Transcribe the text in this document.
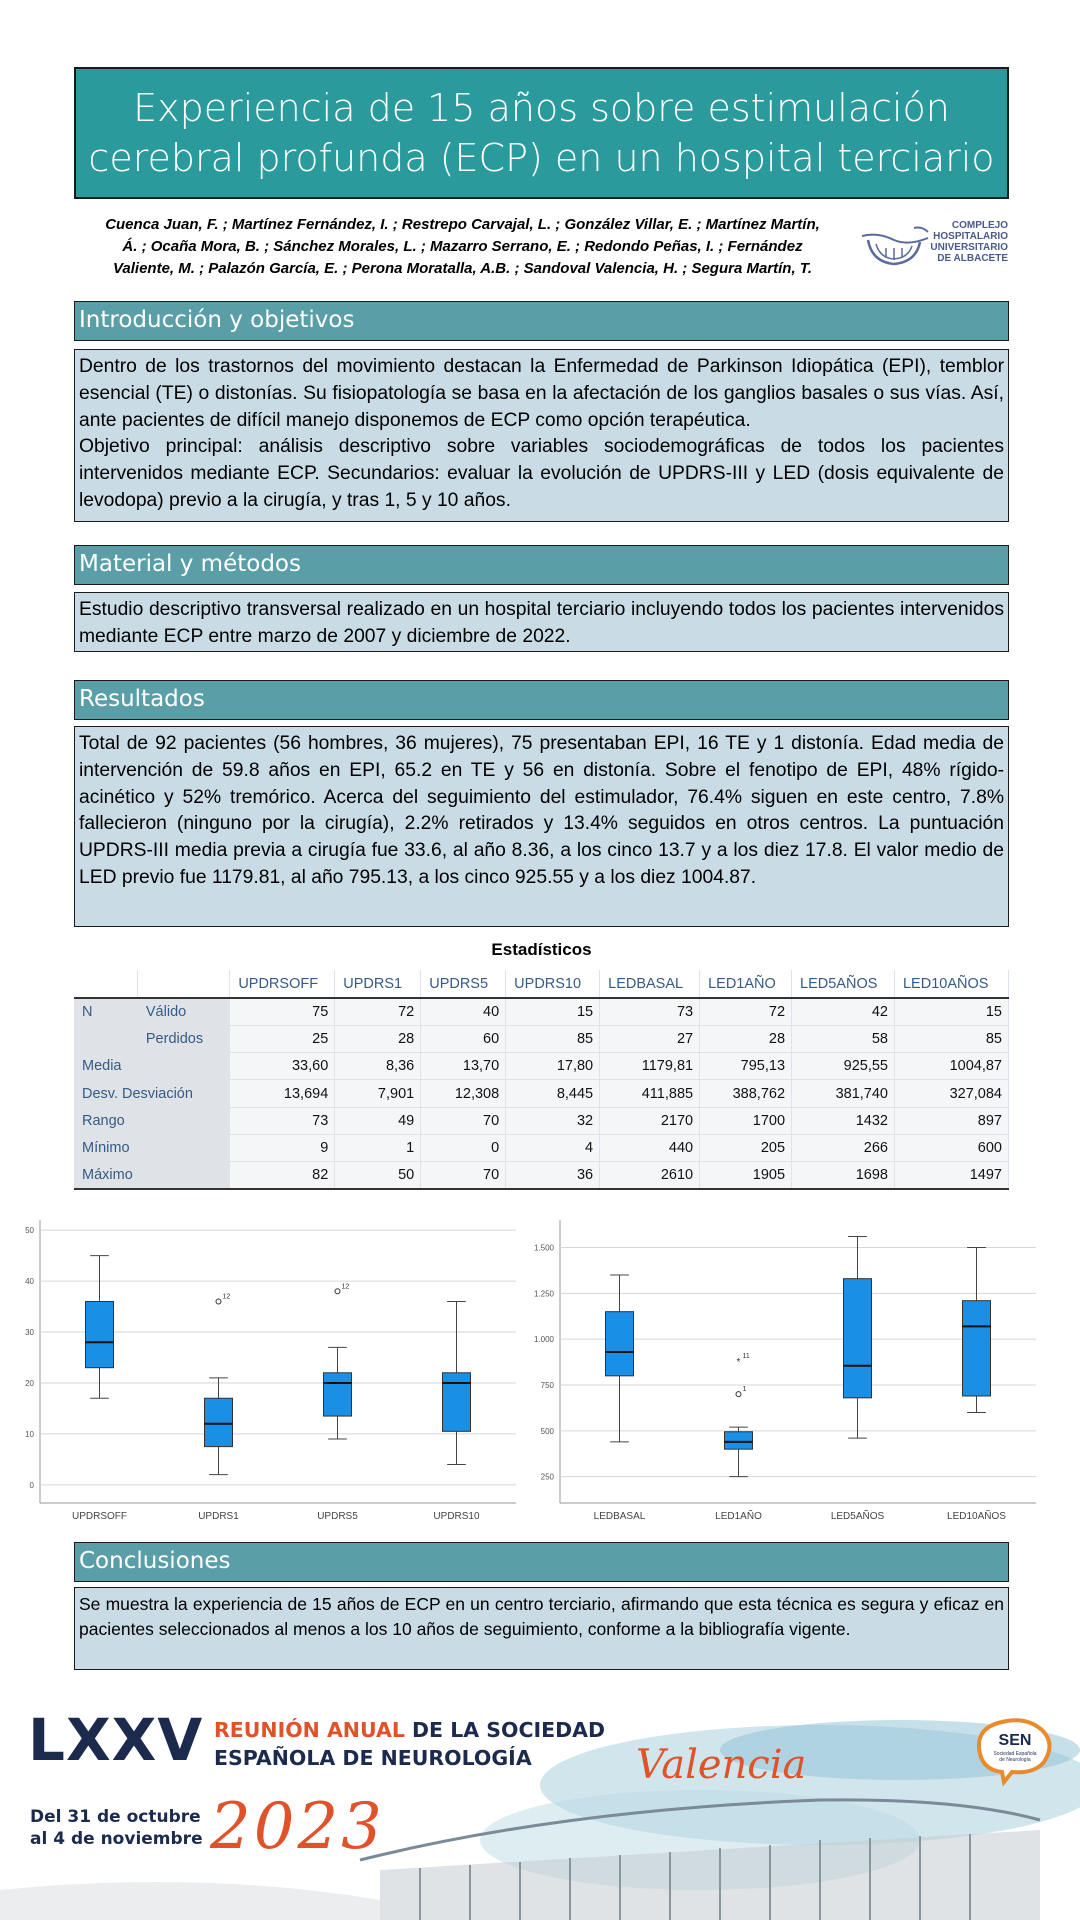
Experiencia de 15 años sobre estimulación
cerebral profunda (ECP) en un hospital terciario
Cuenca Juan, F. ; Martínez Fernández, I. ; Restrepo Carvajal, L. ; González Villar, E. ; Martínez Martín,
Á. ; Ocaña Mora, B. ; Sánchez Morales, L. ; Mazarro Serrano, E. ; Redondo Peñas, I. ; Fernández
Valiente, M. ; Palazón García, E. ; Perona Moratalla, A.B. ; Sandoval Valencia, H. ; Segura Martín, T.
COMPLEJO
HOSPITALARIO
UNIVERSITARIO
DE ALBACETE
Introducción y objetivos
Dentro de los trastornos del movimiento destacan la Enfermedad de Parkinson Idiopática (EPI), temblor esencial (TE) o distonías. Su fisiopatología se basa en la afectación de los ganglios basales o sus vías. Así, ante pacientes de difícil manejo disponemos de ECP como opción terapéutica.
Objetivo principal: análisis descriptivo sobre variables sociodemográficas de todos los pacientes intervenidos mediante ECP. Secundarios: evaluar la evolución de UPDRS-III y LED (dosis equivalente de levodopa) previo a la cirugía, y tras 1, 5 y 10 años.
Material y métodos
Estudio descriptivo transversal realizado en un hospital terciario incluyendo todos los pacientes intervenidos mediante ECP entre marzo de 2007 y diciembre de 2022.
Resultados
Total de 92 pacientes (56 hombres, 36 mujeres), 75 presentaban EPI, 16 TE y 1 distonía. Edad media de intervención de 59.8 años en EPI, 65.2 en TE y 56 en distonía. Sobre el fenotipo de EPI, 48% rígido-acinético y 52% tremórico. Acerca del seguimiento del estimulador, 76.4% siguen en este centro, 7.8% fallecieron (ninguno por la cirugía), 2.2% retirados y 13.4% seguidos en otros centros. La puntuación UPDRS-III media previa a cirugía fue 33.6, al año 8.36, a los cinco 13.7 y a los diez 17.8. El valor medio de LED previo fue 1179.81, al año 795.13, a los cinco 925.55 y a los diez 1004.87.
Estadísticos
		UPDRSOFF	UPDRS1	UPDRS5	UPDRS10	LEDBASAL	LED1AÑO	LED5AÑOS	LED10AÑOS
N	Válido	75	72	40	15	73	72	42	15
	Perdidos	25	28	60	85	27	28	58	85
Media		33,60	8,36	13,70	17,80	1179,81	795,13	925,55	1004,87
Desv. Desviación		13,694	7,901	12,308	8,445	411,885	388,762	381,740	327,084
Rango		73	49	70	32	2170	1700	1432	897
Mínimo		9	1	0	4	440	205	266	600
Máximo		82	50	70	36	2610	1905	1698	1497
0
10
20
30
40
50
UPDRSOFF
12
UPDRS1
12
UPDRS5	UPDRS10
250
500
750
1.000
1.250
1.500
LEDBASAL
1
*
11
LED1AÑO	LED5AÑOS	LED10AÑOS
Conclusiones
Se muestra la experiencia de 15 años de ECP en un centro terciario, afirmando que esta técnica es segura y eficaz en pacientes seleccionados al menos a los 10 años de seguimiento, conforme a la bibliografía vigente.
LXXV REUNIÓN ANUAL DE LA SOCIEDAD
ESPAÑOLA DE NEUROLOGÍA
Del 31 de octubre
al 4 de noviembre 2023
Valencia
SEN
Sociedad Española
de Neurología
